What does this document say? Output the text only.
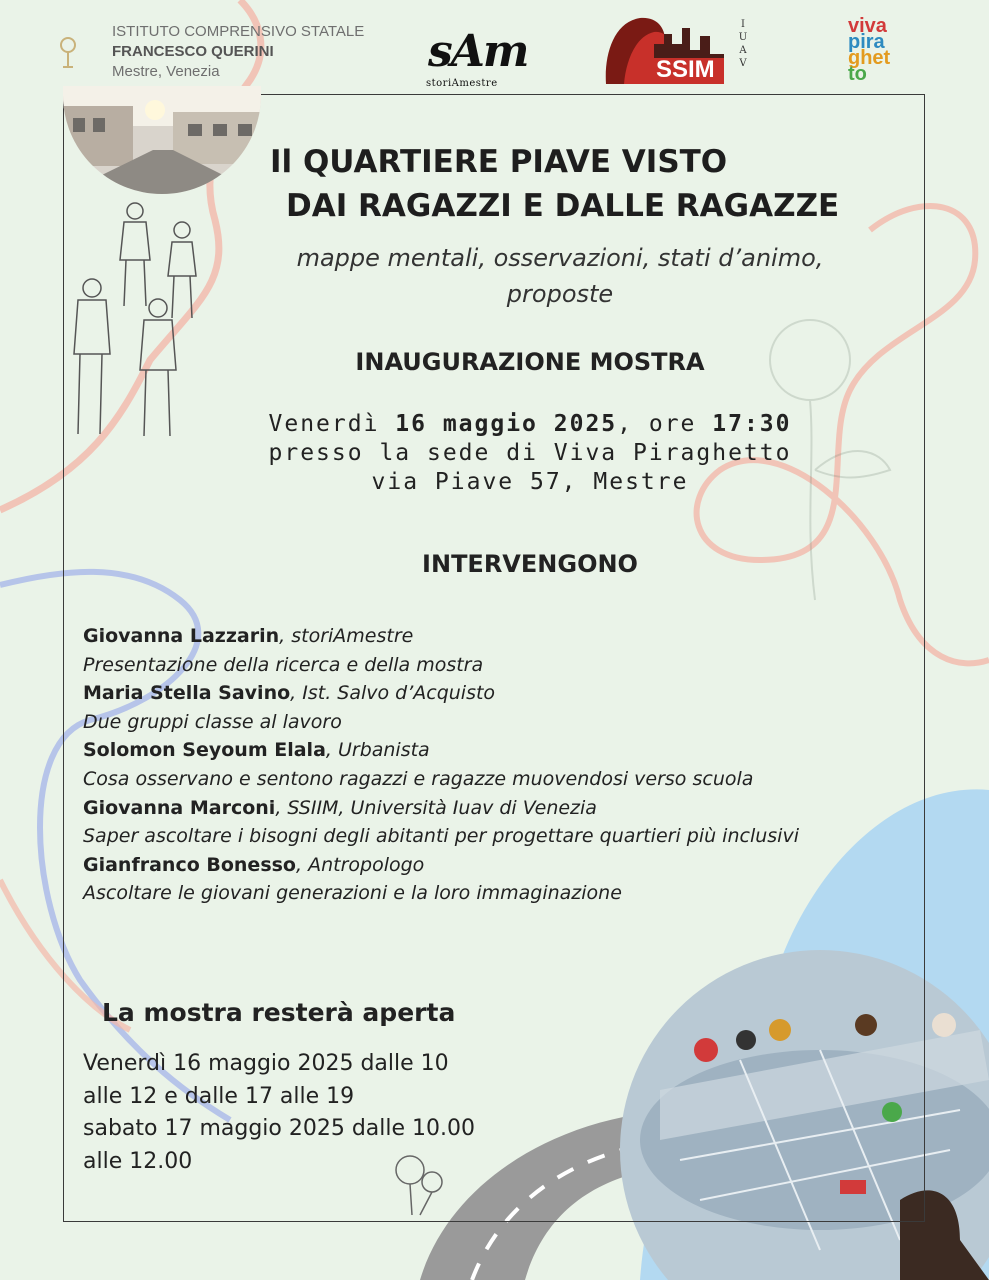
ISTITUTO COMPRENSIVO STATALE
FRANCESCO QUERINI
Mestre, Venezia	sAm
storiAmestre
SSIM
I
U
A
V
viva
pira
ghet
to
Il QUARTIERE PIAVE VISTO
DAI RAGAZZI E DALLE RAGAZZE
mappe mentali, osservazioni, stati d’animo,
proposte
INAUGURAZIONE MOSTRA
Venerdì 16 maggio 2025, ore 17:30
presso la sede di Viva Piraghetto
via Piave 57, Mestre
INTERVENGONO
Giovanna Lazzarin, storiAmestre
Presentazione della ricerca e della mostra
Maria Stella Savino, Ist. Salvo d’Acquisto
Due gruppi classe al lavoro
Solomon Seyoum Elala, Urbanista
Cosa osservano e sentono ragazzi e ragazze muovendosi verso scuola
Giovanna Marconi, SSIIM, Università Iuav di Venezia
Saper ascoltare i bisogni degli abitanti per progettare quartieri più inclusivi
Gianfranco Bonesso, Antropologo
Ascoltare le giovani generazioni e la loro immaginazione
La mostra resterà aperta
Venerdì 16 maggio 2025 dalle 10
alle 12 e dalle 17 alle 19
sabato 17 maggio 2025 dalle 10.00
alle 12.00
